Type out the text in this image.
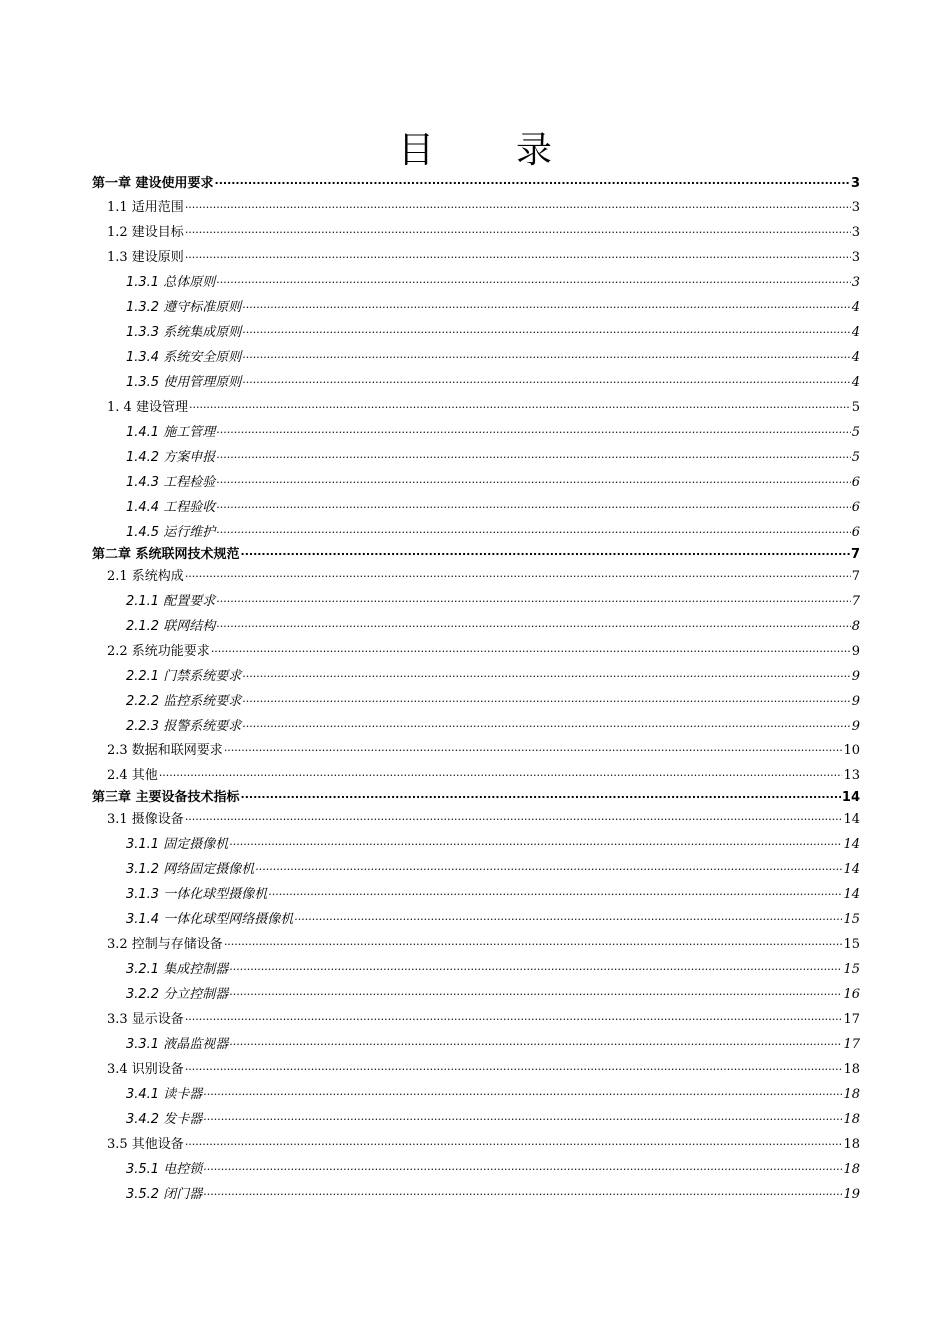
目 录
第一章 建设使用要求 .....	3
1.1 适用范围 .....	3
1.2 建设目标 .....	3
1.3 建设原则 .....	3
1.3.1 总体原则 .....	3
1.3.2 遵守标准原则 .....	4
1.3.3 系统集成原则 .....	4
1.3.4 系统安全原则 .....	4
1.3.5 使用管理原则 .....	4
1. 4 建设管理 .....	5
1.4.1 施工管理 .....	5
1.4.2 方案申报 .....	5
1.4.3 工程检验 .....	6
1.4.4 工程验收 .....	6
1.4.5 运行维护 .....	6
第二章 系统联网技术规范 .....	7
2.1 系统构成 .....	7
2.1.1 配置要求 .....	7
2.1.2 联网结构 .....	8
2.2 系统功能要求 .....	9
2.2.1 门禁系统要求 .....	9
2.2.2 监控系统要求 .....	9
2.2.3 报警系统要求 .....	9
2.3 数据和联网要求 .....	10
2.4 其他 .....	13
第三章 主要设备技术指标 .....	14
3.1 摄像设备 .....	14
3.1.1 固定摄像机 .....	14
3.1.2 网络固定摄像机 .....	14
3.1.3 一体化球型摄像机 .....	14
3.1.4 一体化球型网络摄像机 .....	15
3.2 控制与存储设备 .....	15
3.2.1 集成控制器 .....	15
3.2.2 分立控制器 .....	16
3.3 显示设备 .....	17
3.3.1 液晶监视器 .....	17
3.4 识别设备 .....	18
3.4.1 读卡器 .....	18
3.4.2 发卡器 .....	18
3.5 其他设备 .....	18
3.5.1 电控锁 .....	18
3.5.2 闭门器 .....	19
